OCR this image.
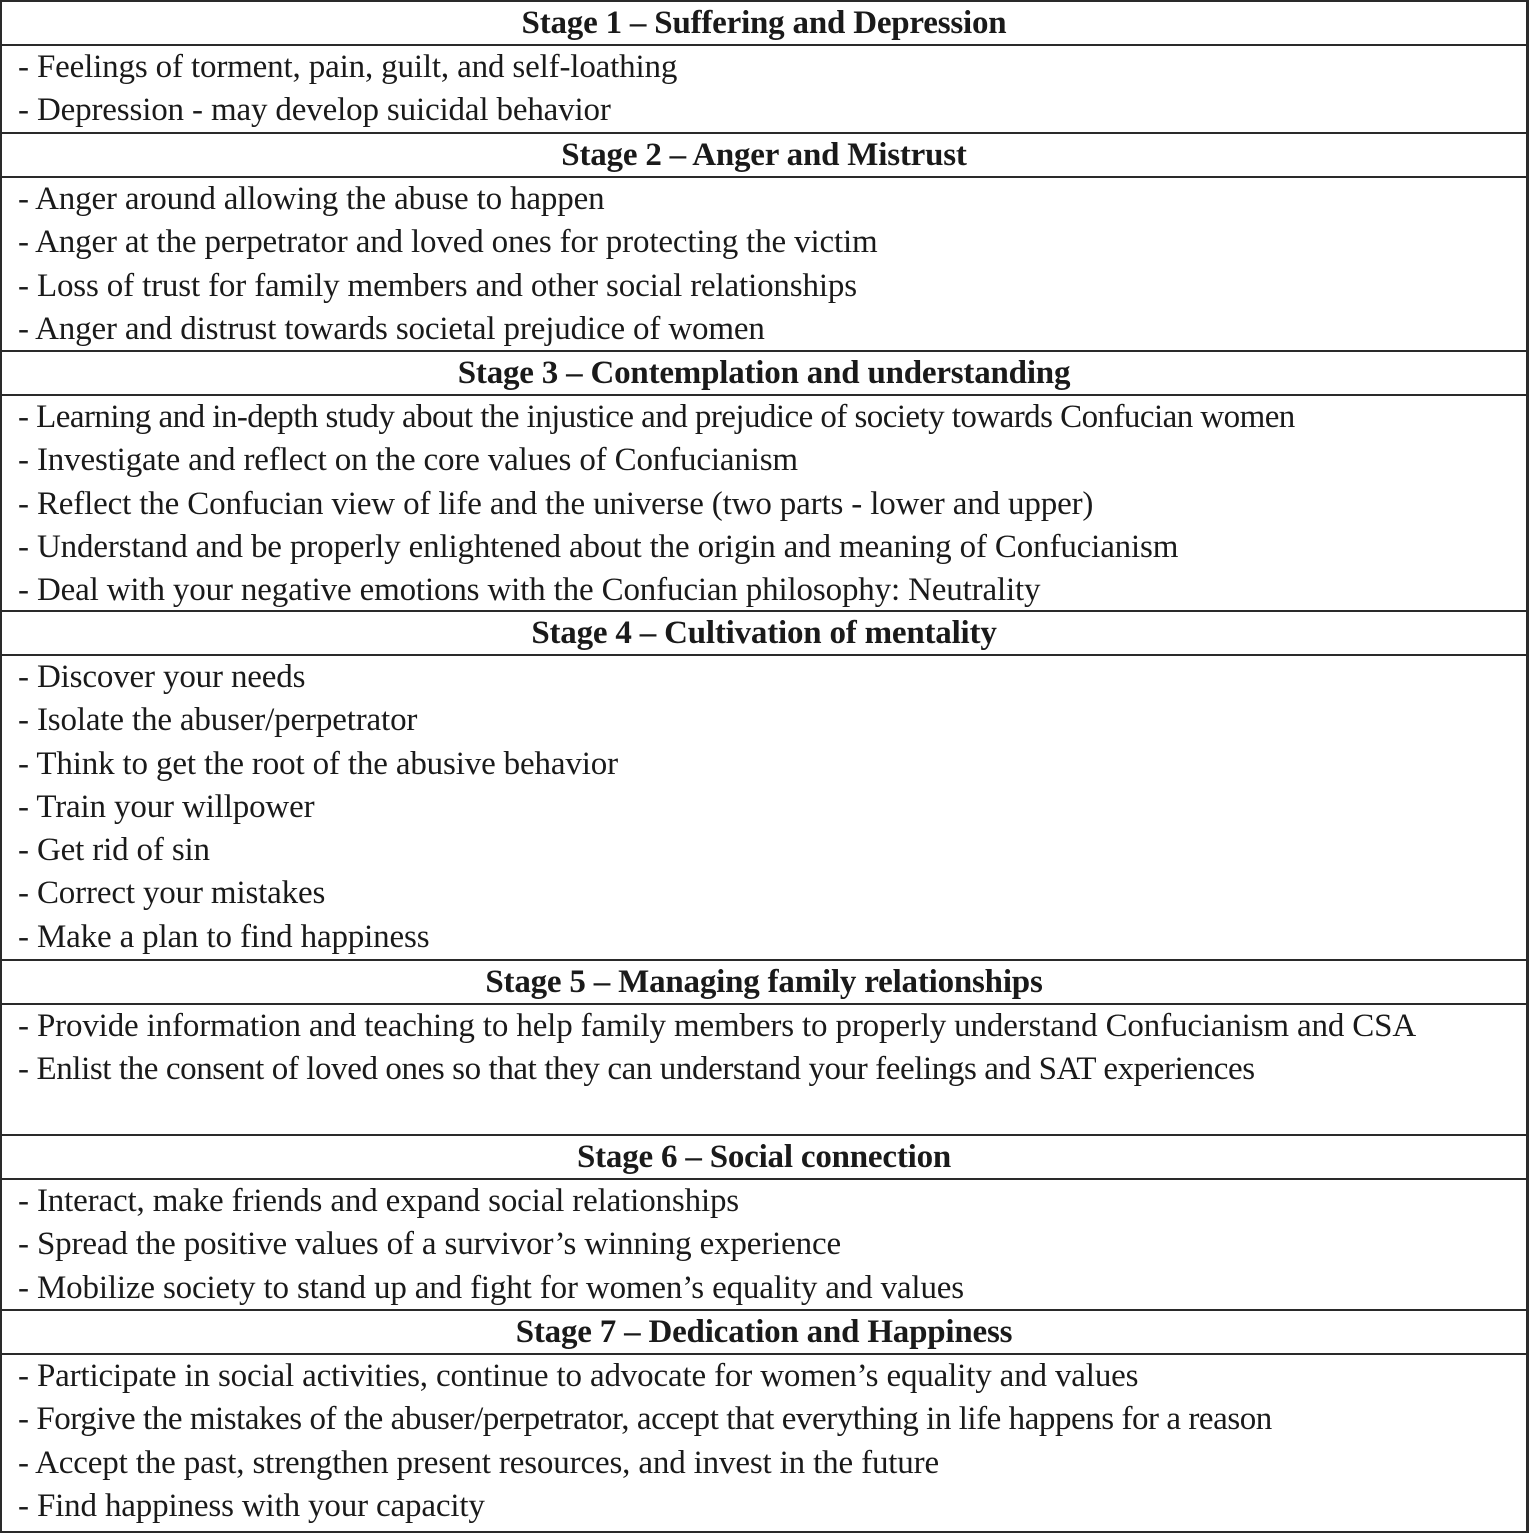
Stage 1 – Suffering and Depression
- Feelings of torment, pain, guilt, and self-loathing
- Depression - may develop suicidal behavior
Stage 2 – Anger and Mistrust
- Anger around allowing the abuse to happen
- Anger at the perpetrator and loved ones for protecting the victim
- Loss of trust for family members and other social relationships
- Anger and distrust towards societal prejudice of women
Stage 3 – Contemplation and understanding
- Learning and in-depth study about the injustice and prejudice of society towards Confucian women
- Investigate and reflect on the core values of Confucianism
- Reflect the Confucian view of life and the universe (two parts - lower and upper)
- Understand and be properly enlightened about the origin and meaning of Confucianism
- Deal with your negative emotions with the Confucian philosophy: Neutrality
Stage 4 – Cultivation of mentality
- Discover your needs
- Isolate the abuser/perpetrator
- Think to get the root of the abusive behavior
- Train your willpower
- Get rid of sin
- Correct your mistakes
- Make a plan to find happiness
Stage 5 – Managing family relationships
- Provide information and teaching to help family members to properly understand Confucianism and CSA
- Enlist the consent of loved ones so that they can understand your feelings and SAT experiences
Stage 6 – Social connection
- Interact, make friends and expand social relationships
- Spread the positive values of a survivor’s winning experience
- Mobilize society to stand up and fight for women’s equality and values
Stage 7 – Dedication and Happiness
- Participate in social activities, continue to advocate for women’s equality and values
- Forgive the mistakes of the abuser/perpetrator, accept that everything in life happens for a reason
- Accept the past, strengthen present resources, and invest in the future
- Find happiness with your capacity
